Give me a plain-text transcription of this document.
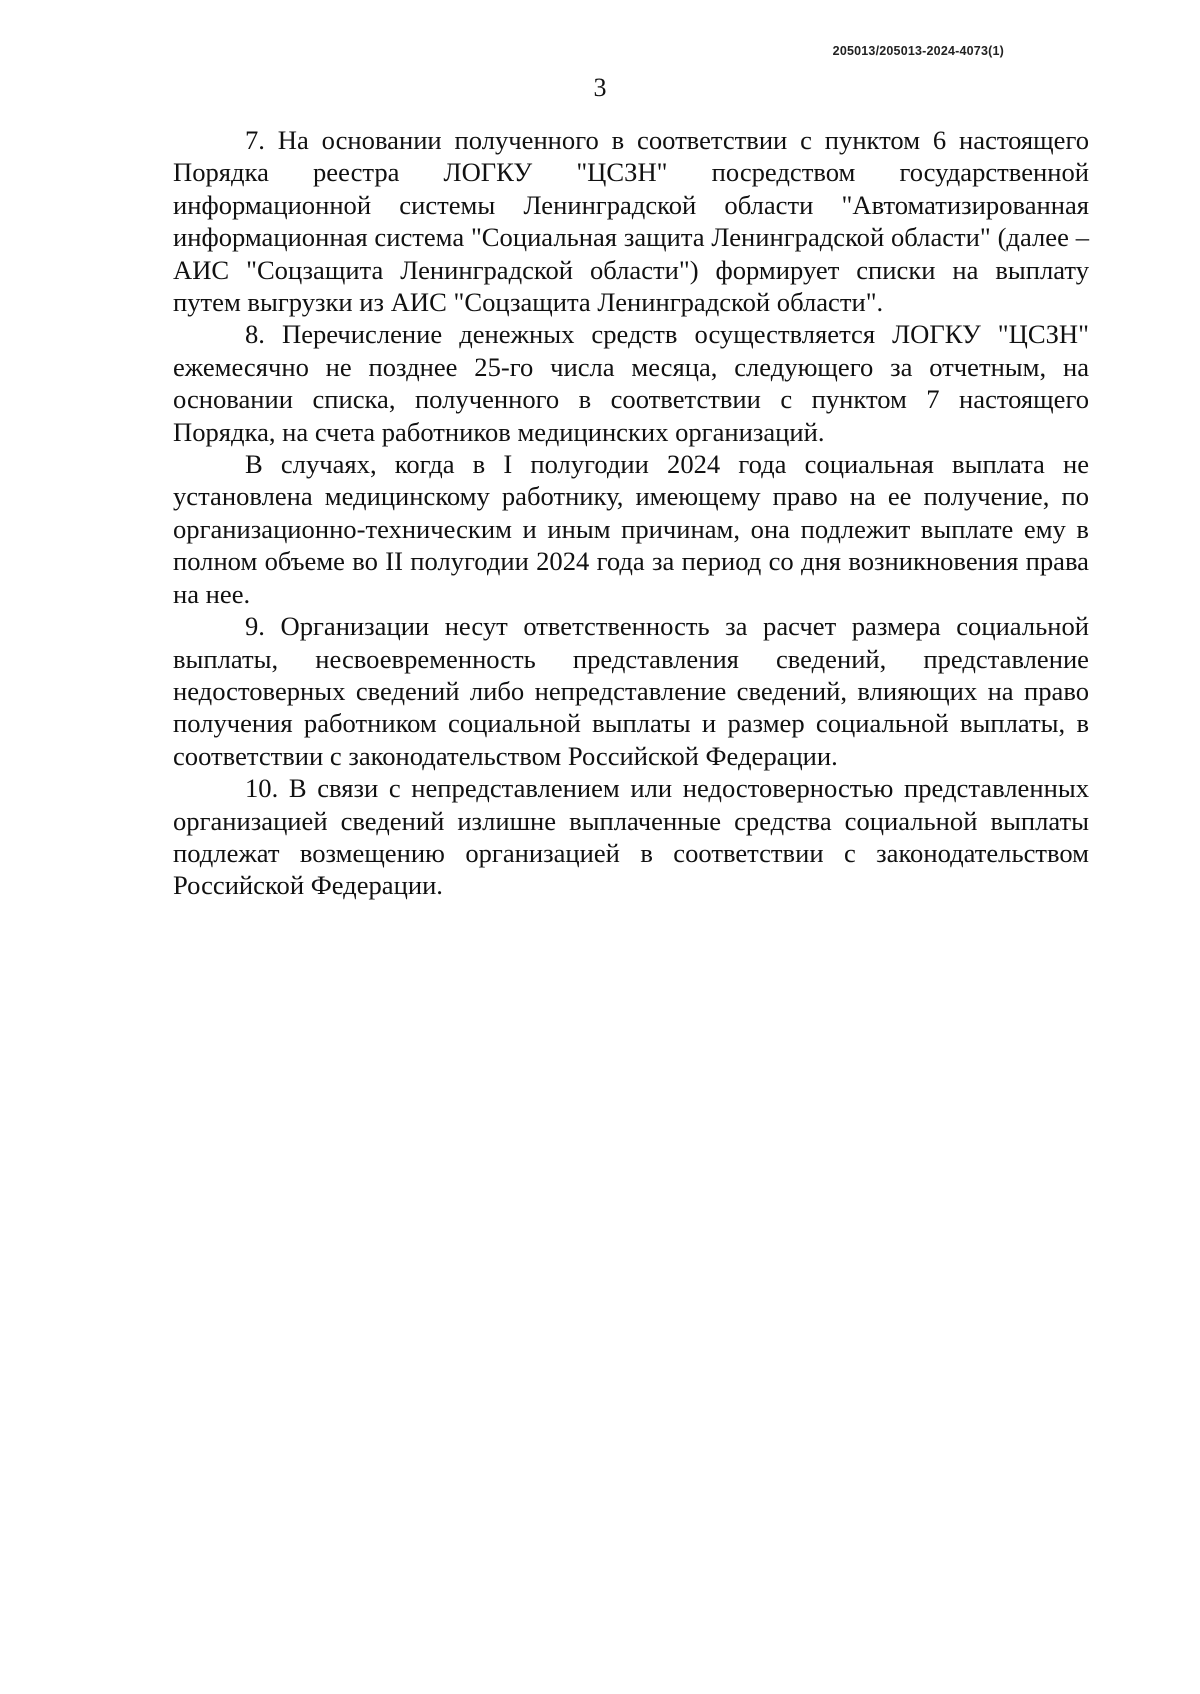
205013/205013-2024-4073(1)
3

7. На основании полученного в соответствии с пунктом 6 настоящего Порядка реестра ЛОГКУ "ЦСЗН" посредством государственной информационной системы Ленинградской области "Автоматизированная информационная система "Социальная защита Ленинградской области" (далее – АИС "Соцзащита Ленинградской области") формирует списки на выплату путем выгрузки из АИС "Соцзащита Ленинградской области".

8. Перечисление денежных средств осуществляется ЛОГКУ "ЦСЗН" ежемесячно не позднее 25-го числа месяца, следующего за отчетным, на основании списка, полученного в соответствии с пунктом 7 настоящего Порядка, на счета работников медицинских организаций.

В случаях, когда в I полугодии 2024 года социальная выплата не установлена медицинскому работнику, имеющему право на ее получение, по организационно-техническим и иным причинам, она подлежит выплате ему в полном объеме во II полугодии 2024 года за период со дня возникновения права на нее.

9. Организации несут ответственность за расчет размера социальной выплаты, несвоевременность представления сведений, представление недостоверных сведений либо непредставление сведений, влияющих на право получения работником социальной выплаты и размер социальной выплаты, в соответствии с законодательством Российской Федерации.

10. В связи с непредставлением или недостоверностью представленных организацией сведений излишне выплаченные средства социальной выплаты подлежат возмещению организацией в соответствии с законодательством Российской Федерации.
